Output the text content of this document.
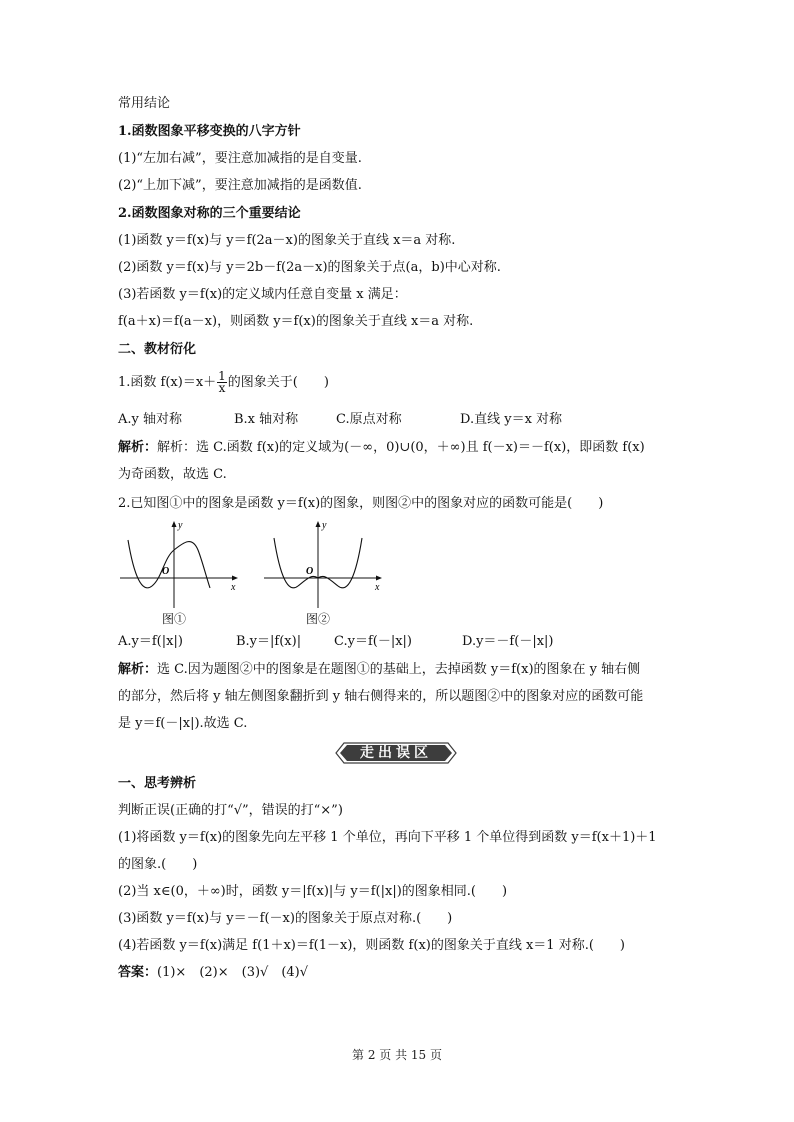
常用结论
1.函数图象平移变换的八字方针
(1)“左加右减”，要注意加减指的是自变量.
(2)“上加下减”，要注意加减指的是函数值.
2.函数图象对称的三个重要结论
(1)函数 y＝f(x)与 y＝f(2a－x)的图象关于直线 x＝a 对称.
(2)函数 y＝f(x)与 y＝2b－f(2a－x)的图象关于点(a，b)中心对称.
(3)若函数 y＝f(x)的定义域内任意自变量 x 满足：
f(a＋x)＝f(a－x)，则函数 y＝f(x)的图象关于直线 x＝a 对称.
二、教材衍化
1.函数 $f(x)=x+ \frac{1}{x}$ 的图象关于(　　)
A.y 轴对称	B.x 轴对称	C.原点对称	D.直线 y＝x 对称
解析：解析：选 C.函数 f(x)的定义域为(－∞，0)∪(0，＋∞)且 f(－x)＝－f(x)，即函数 f(x)
为奇函数，故选 C.
2.已知图①中的图象是函数 y＝f(x)的图象，则图②中的图象对应的函数可能是(　　)
y
O
x
图①
y
O
x
图②
A.y＝f(|x|)	B.y＝|f(x)|	C.y＝f(－|x|)	D.y＝－f(－|x|)
解析：选 C.因为题图②中的图象是在题图①的基础上，去掉函数 y＝f(x)的图象在 y 轴右侧
的部分，然后将 y 轴左侧图象翻折到 y 轴右侧得来的，所以题图②中的图象对应的函数可能
是 y＝f(－|x|).故选 C.
走出误区
一、思考辨析
判断正误(正确的打“√”，错误的打“×”)
(1)将函数 y＝f(x)的图象先向左平移 1 个单位，再向下平移 1 个单位得到函数 y＝f(x＋1)＋1
的图象.(　　)
(2)当 x∈(0，＋∞)时，函数 y＝|f(x)|与 y＝f(|x|)的图象相同.(　　)
(3)函数 y＝f(x)与 y＝－f(－x)的图象关于原点对称.(　　)
(4)若函数 y＝f(x)满足 f(1＋x)＝f(1－x)，则函数 f(x)的图象关于直线 x＝1 对称.(　　)
答案：(1)×　(2)×　(3)√　(4)√
第 2 页 共 15 页
